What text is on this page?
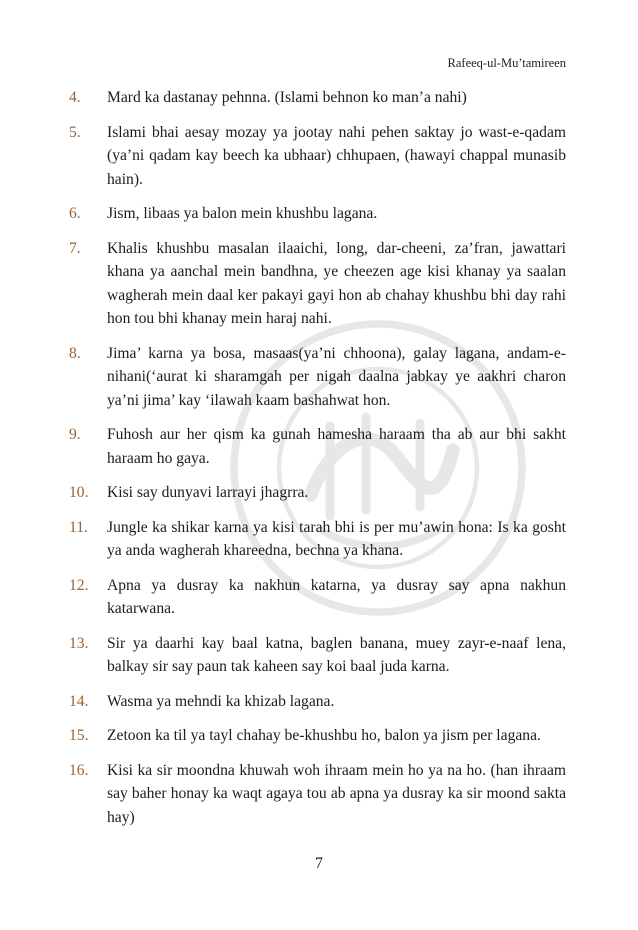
Rafeeq-ul-Mu’tamireen
4.	Mard ka dastanay pehnna. (Islami behnon ko man’a nahi)
5.	Islami bhai aesay mozay ya jootay nahi pehen saktay jo wast-e-qadam (ya’ni qadam kay beech ka ubhaar) chhupaen, (hawayi chappal munasib hain).
6.	Jism, libaas ya balon mein khushbu lagana.
7.	Khalis khushbu masalan ilaaichi, long, dar-cheeni, za’fran, jawattari khana ya aanchal mein bandhna, ye cheezen age kisi khanay ya saalan wagherah mein daal ker pakayi gayi hon ab chahay khushbu bhi day rahi hon tou bhi khanay mein haraj nahi.
8.	Jima’ karna ya bosa, masaas(ya’ni chhoona), galay lagana, andam-e-nihani(‘aurat ki sharamgah per nigah daalna jabkay ye aakhri charon ya’ni jima’ kay ‘ilawah kaam bashahwat hon.
9.	Fuhosh aur her qism ka gunah hamesha haraam tha ab aur bhi sakht haraam ho gaya.
10.	Kisi say dunyavi larrayi jhagrra.
11.	Jungle ka shikar karna ya kisi tarah bhi is per mu’awin hona: Is ka gosht ya anda wagherah khareedna, bechna ya khana.
12.	Apna ya dusray ka nakhun katarna, ya dusray say apna nakhun katarwana.
13.	Sir ya daarhi kay baal katna, baglen banana, muey zayr-e-naaf lena, balkay sir say paun tak kaheen say koi baal juda karna.
14.	Wasma ya mehndi ka khizab lagana.
15.	Zetoon ka til ya tayl chahay be-khushbu ho, balon ya jism per lagana.
16.	Kisi ka sir moondna khuwah woh ihraam mein ho ya na ho. (han ihraam say baher honay ka waqt agaya tou ab apna ya dusray ka sir moond sakta hay)
7
